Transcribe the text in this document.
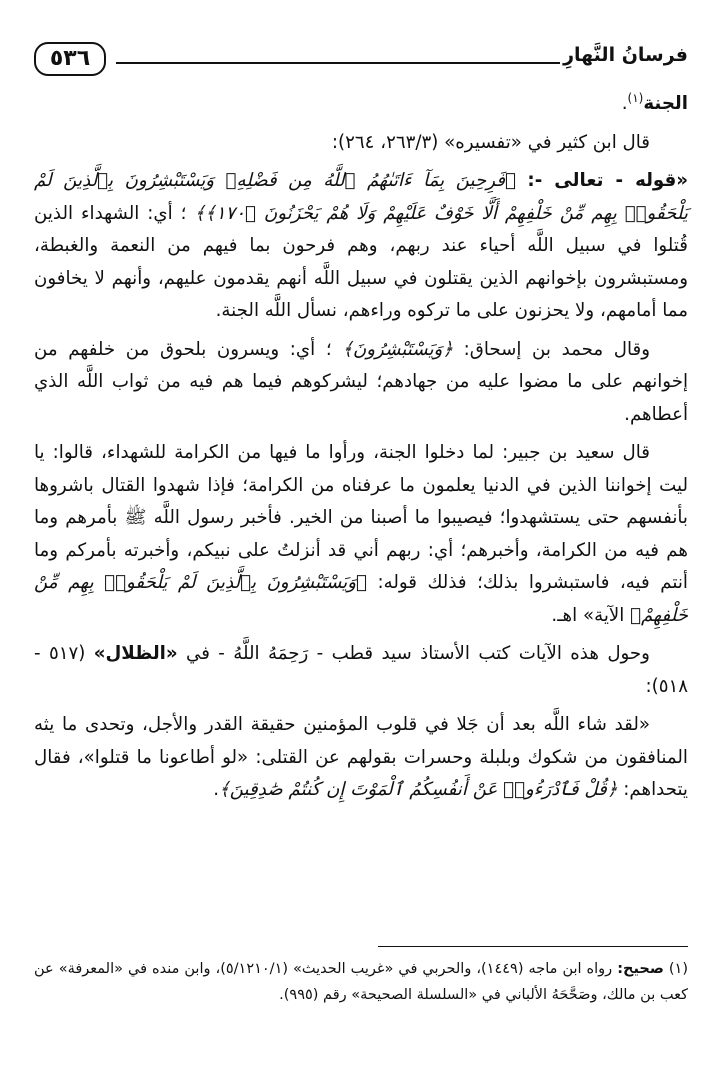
٥٣٦	فرسانُ النَّهارِ

الجنة$^{(١)}$.

قال ابن كثير في «تفسيره» (٢٦٣/٣، ٢٦٤):

«قوله - تعالى -: ﴿فَرِحِينَ بِمَآ ءَاتَىٰهُمُ ٱللَّهُ مِن فَضْلِهِۦ وَيَسْتَبْشِرُونَ بِٱلَّذِينَ لَمْ يَلْحَقُوا۟ بِهِم مِّنْ خَلْفِهِمْ أَلَّا خَوْفٌ عَلَيْهِمْ وَلَا هُمْ يَحْزَنُونَ ﴿١٧٠﴾﴾ ؛ أي: الشهداء الذين قُتلوا في سبيل اللَّه أحياء عند ربهم، وهم فرحون بما فيهم من النعمة والغبطة، ومستبشرون بإخوانهم الذين يقتلون في سبيل اللَّه أنهم يقدمون عليهم، وأنهم لا يخافون مما أمامهم، ولا يحزنون على ما تركوه وراءهم، نسأل اللَّه الجنة.

وقال محمد بن إسحاق: ﴿وَيَسْتَبْشِرُونَ﴾ ؛ أي: ويسرون بلحوق من خلفهم من إخوانهم على ما مضوا عليه من جهادهم؛ ليشركوهم فيما هم فيه من ثواب اللَّه الذي أعطاهم.

قال سعيد بن جبير: لما دخلوا الجنة، ورأوا ما فيها من الكرامة للشهداء، قالوا: يا ليت إخواننا الذين في الدنيا يعلمون ما عرفناه من الكرامة؛ فإذا شهدوا القتال باشروها بأنفسهم حتى يستشهدوا؛ فيصيبوا ما أصبنا من الخير. فأخبر رسول اللَّه ﷺ بأمرهم وما هم فيه من الكرامة، وأخبرهم؛ أي: ربهم أني قد أنزلتُ على نبيكم، وأخبرته بأمركم وما أنتم فيه، فاستبشروا بذلك؛ فذلك قوله: ﴿وَيَسْتَبْشِرُونَ بِٱلَّذِينَ لَمْ يَلْحَقُوا۟ بِهِم مِّنْ خَلْفِهِمْ﴾ الآية» اهـ.

وحول هذه الآيات كتب الأستاذ سيد قطب - رَحِمَهُ اللَّهُ - في «الظلال» (٥١٧ - ٥١٨):

«لقد شاء اللَّه بعد أن جَلا في قلوب المؤمنين حقيقة القدر والأجل، وتحدى ما يثه المنافقون من شكوك وبلبلة وحسرات بقولهم عن القتلى: «لو أطاعونا ما قتلوا»، فقال يتحداهم: ﴿قُلْ فَٱدْرَءُوا۟ عَنْ أَنفُسِكُمُ ٱلْمَوْتَ إِن كُنتُمْ صَٰدِقِينَ﴾.

(١) صحيح: رواه ابن ماجه (١٤٤٩)، والحربي في «غريب الحديث» (٥/١٢١٠/١)، وابن منده في «المعرفة» عن كعب بن مالك، وصَحَّحَهُ الألباني في «السلسلة الصحيحة» رقم (٩٩٥).
